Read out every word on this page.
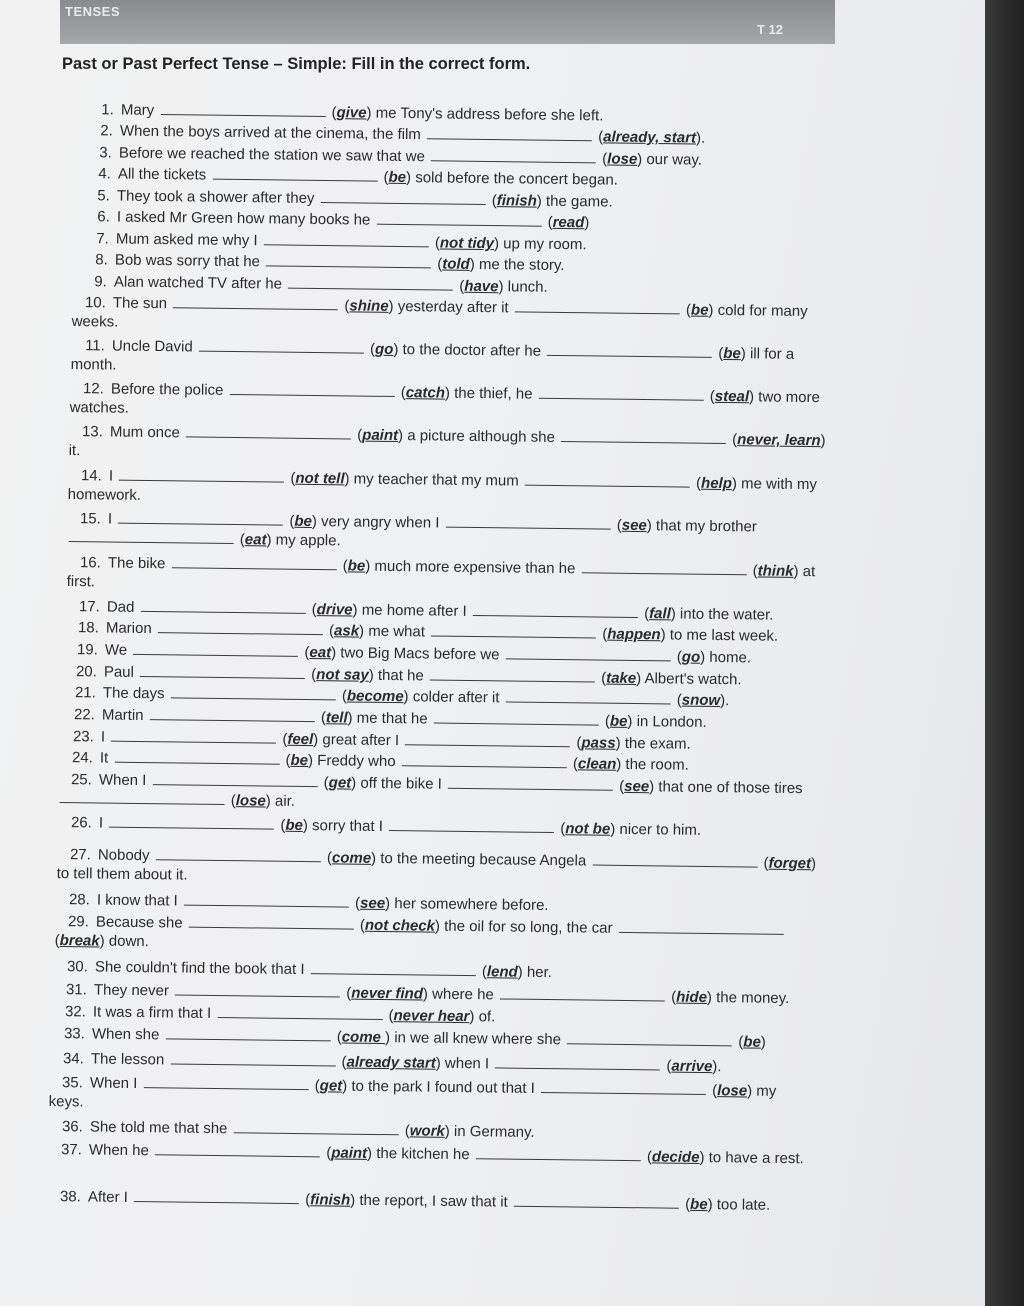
TENSES
T 12
Past or Past Perfect Tense – Simple: Fill in the correct form.
1. Mary	(give) me Tony's address before she left.
2. When the boys arrived at the cinema, the film	(already, start).
3. Before we reached the station we saw that we	(lose) our way.
4. All the tickets	(be) sold before the concert began.
5. They took a shower after they	(finish) the game.
6. I asked Mr Green how many books he	(read)
7. Mum asked me why I	(not tidy) up my room.
8. Bob was sorry that he	(told) me the story.
9. Alan watched TV after he	(have) lunch.
10. The sun	(shine) yesterday after it	(be) cold for many weeks.
11. Uncle David	(go) to the doctor after he	(be) ill for a month.
12. Before the police	(catch) the thief, he	(steal) two more watches.
13. Mum once	(paint) a picture although she	(never, learn) it.
14. I	(not tell) my teacher that my mum	(help) me with my homework.
15. I	(be) very angry when I	(see) that my brother  (eat) my apple.
16. The bike	(be) much more expensive than he	(think) at first.
17. Dad	(drive) me home after I	(fall) into the water.
18. Marion	(ask) me what	(happen) to me last week.
19. We	(eat) two Big Macs before we	(go) home.
20. Paul	(not say) that he	(take) Albert's watch.
21. The days	(become) colder after it	(snow).
22. Martin	(tell) me that he	(be) in London.
23. I	(feel) great after I	(pass) the exam.
24. It	(be) Freddy who	(clean) the room.
25. When I	(get) off the bike I	(see) that one of those tires  (lose) air.
26. I	(be) sorry that I	(not be) nicer to him.
27. Nobody	(come) to the meeting because Angela	(forget) to tell them about it.
28. I know that I	(see) her somewhere before.
29. Because she	(not check) the oil for so long, the car  (break) down.
30. She couldn't find the book that I	(lend) her.
31. They never	(never find) where he	(hide) the money.
32. It was a firm that I	(never hear) of.
33. When she	(come ) in we all knew where she	(be)
34. The lesson	(already start) when I	(arrive).
35. When I	(get) to the park I found out that I	(lose) my keys.
36. She told me that she	(work) in Germany.
37. When he	(paint) the kitchen he	(decide) to have a rest.
38. After I	(finish) the report, I saw that it	(be) too late.
